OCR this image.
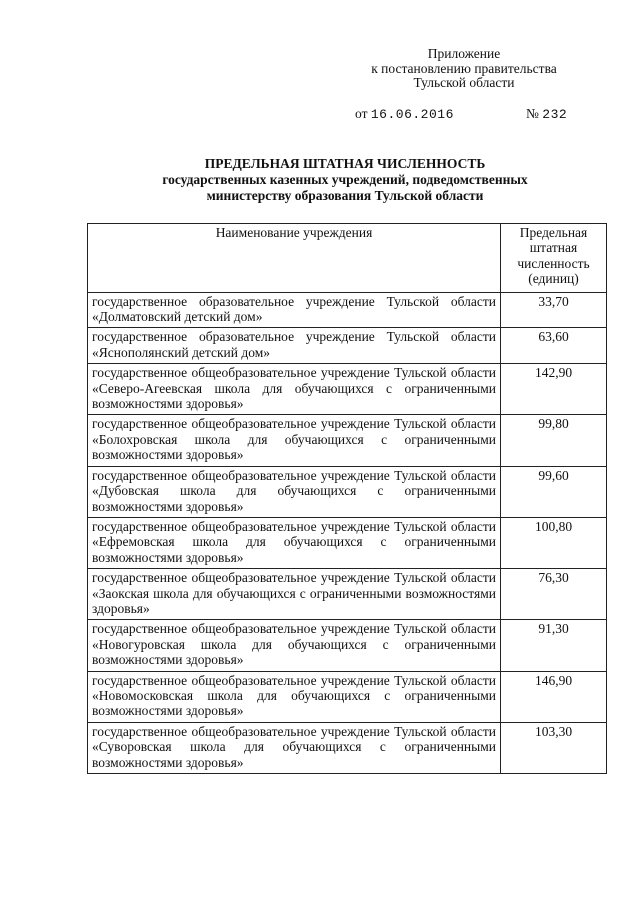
Приложение
к постановлению правительства
Тульской области
от 16.06.2016	№ 232
ПРЕДЕЛЬНАЯ ШТАТНАЯ ЧИСЛЕННОСТЬ
государственных казенных учреждений, подведомственных
министерству образования Тульской области
Наименование учреждения	Предельная штатная численность (единиц)
государственное образовательное учреждение Тульской области «Долматовский детский дом»	33,70
государственное образовательное учреждение Тульской области «Яснополянский детский дом»	63,60
государственное общеобразовательное учреждение Тульской области «Северо-Агеевская школа для обучающихся с ограниченными возможностями здоровья»	142,90
государственное общеобразовательное учреждение Тульской области «Болохровская школа для обучающихся с ограниченными возможностями здоровья»	99,80
государственное общеобразовательное учреждение Тульской области «Дубовская школа для обучающихся с ограниченными возможностями здоровья»	99,60
государственное общеобразовательное учреждение Тульской области «Ефремовская школа для обучающихся с ограниченными возможностями здоровья»	100,80
государственное общеобразовательное учреждение Тульской области «Заокская школа для обучающихся с ограниченными возможностями здоровья»	76,30
государственное общеобразовательное учреждение Тульской области «Новогуровская школа для обучающихся с ограниченными возможностями здоровья»	91,30
государственное общеобразовательное учреждение Тульской области «Новомосковская школа для обучающихся с ограниченными возможностями здоровья»	146,90
государственное общеобразовательное учреждение Тульской области «Суворовская школа для обучающихся с ограниченными возможностями здоровья»	103,30
